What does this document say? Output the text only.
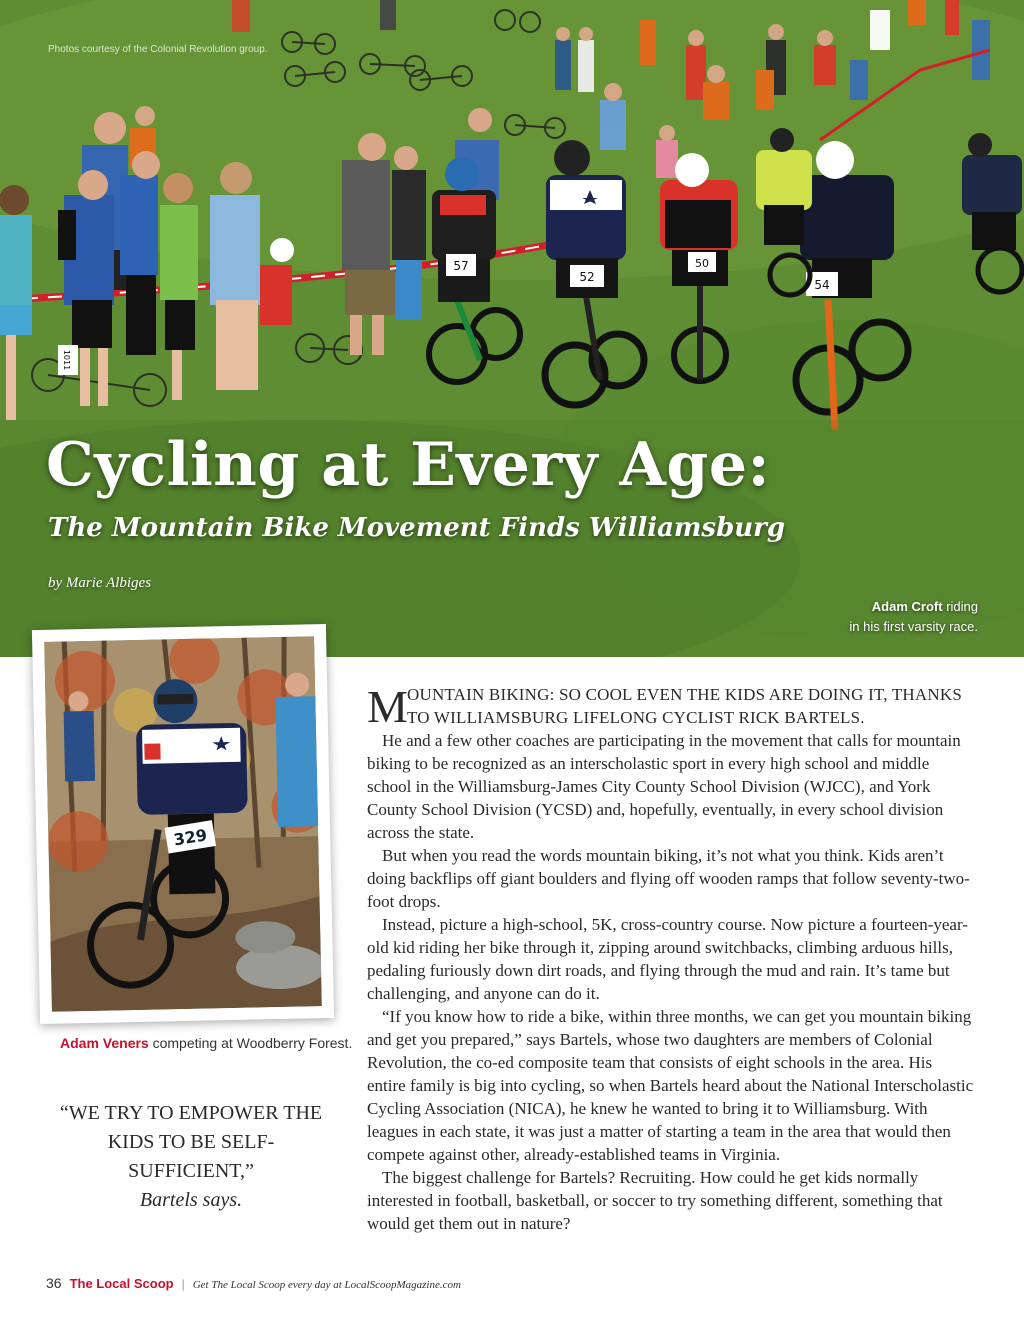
57
52
50
54
1011
Photos courtesy of the Colonial Revolution group.
Cycling at Every Age:
The Mountain Bike Movement Finds Williamsburg
by Marie Albiges
Adam Croft riding
in his first varsity race.
329
Adam Veners competing at Woodberry Forest.
“WE TRY TO EMPOWER THE KIDS TO BE SELF-SUFFICIENT,”
Bartels says.

M OUNTAIN BIKING: SO COOL EVEN THE KIDS ARE DOING IT, THANKS TO WILLIAMSBURG LIFELONG CYCLIST RICK BARTELS.

He and a few other coaches are participating in the movement that calls for mountain biking to be recognized as an interscholastic sport in every high school and middle school in the Williamsburg-James City County School Division (WJCC), and York County School Division (YCSD) and, hopefully, eventually, in every school division across the state.

But when you read the words mountain biking, it’s not what you think. Kids aren’t doing backflips off giant boulders and flying off wooden ramps that follow seventy-two-foot drops.

Instead, picture a high-school, 5K, cross-country course. Now picture a fourteen-year-old kid riding her bike through it, zipping around switchbacks, climbing arduous hills, pedaling furiously down dirt roads, and flying through the mud and rain. It’s tame but challenging, and anyone can do it.

“If you know how to ride a bike, within three months, we can get you mountain biking and get you prepared,” says Bartels, whose two daughters are members of Colonial Revolution, the co-ed composite team that consists of eight schools in the area. His entire family is big into cycling, so when Bartels heard about the National Interscholastic Cycling Association (NICA), he knew he wanted to bring it to Williamsburg. With leagues in each state, it was just a matter of starting a team in the area that would then compete against other, already-established teams in Virginia.

The biggest challenge for Bartels? Recruiting. How could he get kids normally interested in football, basketball, or soccer to try something different, something that would get them out in nature?

36 The Local Scoop | Get The Local Scoop every day at LocalScoopMagazine.com
